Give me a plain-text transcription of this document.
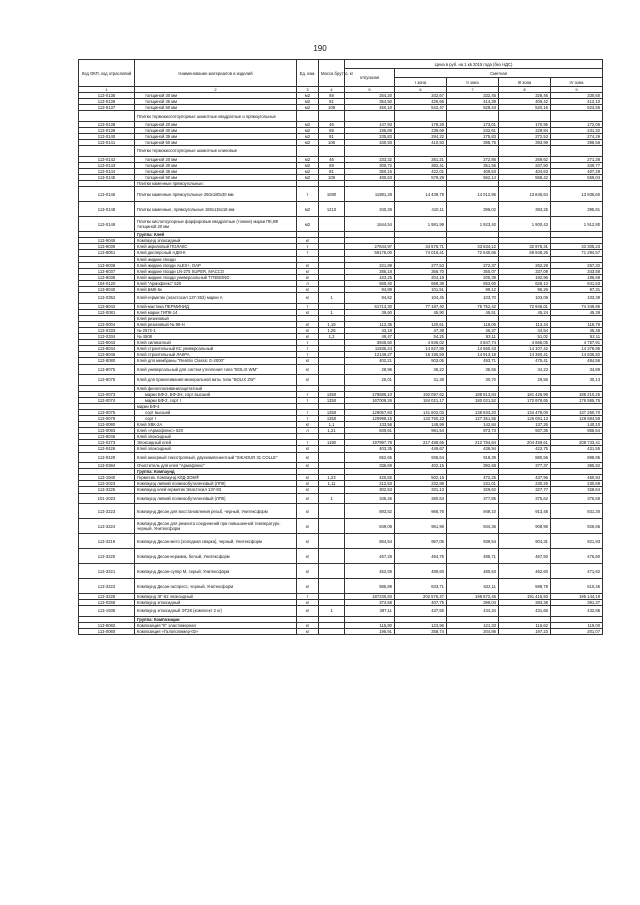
190
Код ОКП, код отраслевой	Наименование материалов и изделий	Ед. изм.	Масса брутто, кг	Цена в руб. на 1 кв 2015 года (без НДС)				
				отпускная	Сметная			
					I зона	II зона	III зона	IV зона
1	2	3	4	5	6	7	8	9
113-0135	толщиной 30 мм	м2	69	254,20	342,67	332,45	328,46	330,60
113-0136	толщиной 35 мм	м2	81	354,50	426,66	414,39	409,42	412,10
113-0137	толщиной 50 мм	м2	108	450,10	542,47	528,43	520,16	523,55
	Плитки термокислотоупорные шамотные квадратные и прямоугольные							
113-0138	толщиной 20 мм	м2	46	147,93	178,28	173,01	170,95	172,06
113-0139	толщиной 30 мм	м2	69	195,89	239,69	232,61	229,84	231,32
113-0140	толщиной 35 мм	м2	81	235,83	284,22	275,83	272,53	274,29
113-0141	толщиной 50 мм	м2	108	340,93	410,93	398,75	393,99	396,56
	Плитки термокислотоупорные шамотные клиновые							
113-0142	толщиной 20 мм	м2	46	233,32	281,21	272,86	269,62	271,38
113-0143	толщиной 30 мм	м2	69	300,72	362,41	351,56	347,50	349,77
113-0144	толщиной 35 мм	м2	81	350,15	422,01	409,53	404,63	407,28
113-0145	толщиной 50 мм	м2	108	480,63	579,28	562,14	555,42	559,04
	Плитки каменные прямоугольные:							
113-0146	Плитки каменные прямоугольные 250х180х30 мм	т	1080	11981,28	14 439,79	14 012,96	13 845,64	13 935,60
113-0148	Плитки каменные, прямоугольные 180х115х18 мм	м2	1210	340,28	410,11	398,02	393,25	395,81
113-0149	Плитки кислотоупорные фарфоровые квадратные (тонкие) марки ПК,КФ толщиной 20 мм	м2		1644,54	1 981,99	1 923,40	1 900,43	1 912,80
	Группа: Клей							
113-9045	Компаунд эпоксидный	кг						
113-9039	Клей акриловый ПОЛАКС	т		27644,97	34 575,71	33 634,12	32 976,31	33 305,23
113-8061	Клей дисперсный АДМ-К	т		59176,00	74 016,41	72 640,66	69 948,26	71 294,57
	Клей жидкие гвозди							
113-6036	Клей жидкие гвозди ALEX+, DAP	кг		221,89	277,53	272,37	262,28	267,32
113-8037	Клей жидкие гвозди LN-275 SUPER, MACCO	кг		285,18	356,70	350,07	337,09	343,58
113-8038	Клей жидкие гвозди универсальный TITEBOND	кг		163,25	204,19	200,39	192,96	196,68
104-0120	Клей "Армофлекс" 520	л		560,40	669,38	653,60	628,13	641,53
113-8040	Клей БМК-5к	кг		84,89	101,51	99,12	95,26	97,31
113-0352	Клей-герметик (эластосил 137-352) марки А	кг	1	84,62	104,45	103,70	103,09	103,39
113-8042	Клей-мастика ПЕРМИНИД	т		61713,30	77 187,40	75 752,42	72 946,01	74 349,95
113-0081	Клей марки ГИПК-14	кг	1	39,60	45,90	45,51	45,24	45,39
	Клей резиновый							
113-0004	Клей резиновый № 88-Н	кг	1,19	112,35	120,61	118,06	113,44	115,76
113-0333	№ 2572-1	кг	1,26	43,18	47,38	46,37	44,54	45,48
113-0334	№ 4508	кг	1,2	49,47	54,25	53,11	51,02	52,11
113-8043	Клей силикатный	т		3946,50	4 936,02	4 847,74	4 666,05	4 757,91
113-8044	Клей строительный КС универсальный	т		11935,24	14 927,89	14 650,43	14 107,42	14 378,95
113-8045	Клей строительный ЛАКРА	т		12149,27	15 195,59	14 913,18	14 360,41	14 636,82
113-8080	Клей для мембраны "Resitrix Classic G-2000"	кг		402,21	503,06	493,71	475,41	484,56
113-8075	Клей универсальный для систем утепления типа "BOLIX WM"	кг		28,96	36,22	35,55	34,23	34,89
113-8076	Клей для приклеивания минеральной ваты типа "BOLIX ZW"	кг		25,01	31,28	30,70	29,56	30,13
	Клей фенолполивинилацетатный							
113-0073	марки БФ-2, БФ-2Н, сорт высший	т	1350	175686,10	192 097,62	188 813,84	181 426,99	185 210,25
113-0074	марки БФ-2, сорт I	т	1350	167009,26	184 021,17	180 021,52	172 978,65	176 585,75
	марки БФ-4							
113-0075	сорт высший	т	1350	129057,83	141 602,03	138 833,20	134 478,00	137 250,70
113-0076	сорт I	т	1350	120999,15	132 750,23	127 351,56	126 081,13	128 684,58
113-0090	Клей ХВК-2А	кг	1,1	133,56	145,99	142,84	137,26	140,10
113-0093	Клей «Армофлекс» 520	л	1,21	840,61	991,54	973,73	937,35	955,54
113-8046	Клей эпоксидный							
113-0273	Эпоксидный клей	т	1190	197997,78	217 488,65	212 784,64	204 459,61	208 733,41
113-0426	Клей эпоксидный	кг		403,35	449,67	436,94	422,75	431,55
113-0429	Клей анкерный тиксотропный, двухкомпонентный "SIKADUR 31 COLLE"	кг		852,65	936,64	918,39	880,56	898,95
113-0384	Очиститель для клея "Армофлекс"	кг		336,69	402,15	392,68	377,37	385,92
	Группа: Компаунд							
113-1940	Герметик. Компаунд КЛД-ЗОМ®	кг	1,23	420,82	502,15	472,25	437,96	460,94
113-2023	Компаунд липкий полиизобутиленовый (ЛПК)	кг	1,11	212,53	232,88	231,01	230,25	230,69
113-3225	Компаунд клей-герметик Эластосил 137-83	кг		302,53	331,13	329,62	327,77	328,64
101-2023	Компаунд липкий полиизобутиленовый (ЛПК)	кг	1	345,46	380,64	377,85	375,62	376,59
113-3223	Компаунд Десан для восстановления резьб, черный, Унитексформ	кг		893,52	966,76	949,10	913,48	931,30
113-3224	Компаунд Десан для ремонта соединений при повышенной температуре, черный, Унитексформ	кг		849,08	961,96	944,36	908,95	926,66
113-3219	Компаунд Десан-мето (холодная сварка), черный, Унитексформ	кг		864,54	957,05	939,54	904,31	921,93
113-3220	Компаунд Десан-керамик, белый, Унитексформ	кг		457,28	494,76	485,71	467,50	476,60
113-3221	Компаунд Десан-супер М, серый, Унитексформ	кг		452,59	489,60	480,63	462,60	471,62
113-3222	Компаунд Десан-экспресс, черный, Унитексформ	кг		585,89	633,71	622,11	598,78	610,45
113-3228	Компаунд ЭГ-62 эпоксидный	т		187230,83	202 576,47	198 872,45	191 415,93	195 144,19
113-0268	Компаунд эпоксидный	кг		374,58	407,75	399,04	383,38	391,37
113-1936	Компаунд эпоксидный ЭТЗК (комплект 2 кг)	кг	1	397,11	437,55	434,34	431,66	432,86
	Группа: Композиции							
113-8082	Композиция "К" эластомерная	кг		115,80	123,96	121,33	116,62	119,00
113-0060	Композиция «Галополимер-02»	кг		195,91	258,74	204,86	197,23	201,07
